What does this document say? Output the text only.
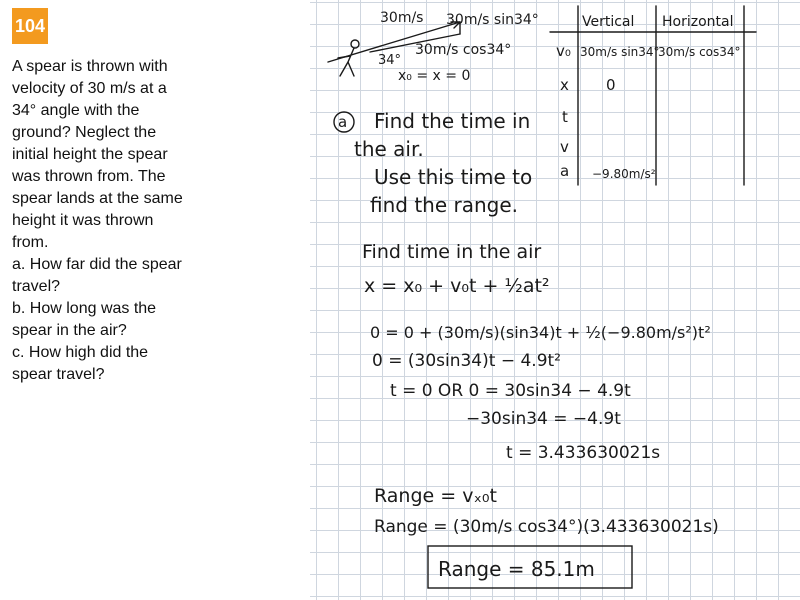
104

A spear is thrown with velocity of 30 m/s at a 34° angle with the ground? Neglect the initial height the spear was thrown from. The spear lands at the same height it was thrown from.

a. How far did the spear travel?

b. How long was the spear in the air?

c. How high did the spear travel?

30m/s 30m/s sin34°
34°
30m/s cos34°
x₀ = x = 0
Vertical Horizontal
v₀ 30m/s sin34°
30m/s cos34°
x 0
t
v
a −9.80m/s²
a Find the time in
the air.
Use this time to
find the range.
Find time in the air
x = x₀ + v₀t + ½at²
0 = 0 + (30m/s)(sin34)t + ½(−9.80m/s²)t²
0 = (30sin34)t − 4.9t²
t = 0 OR 0 = 30sin34 − 4.9t
−30sin34 = −4.9t
t = 3.433630021s
Range = vₓ₀t
Range = (30m/s cos34°)(3.433630021s)
Range = 85.1m
